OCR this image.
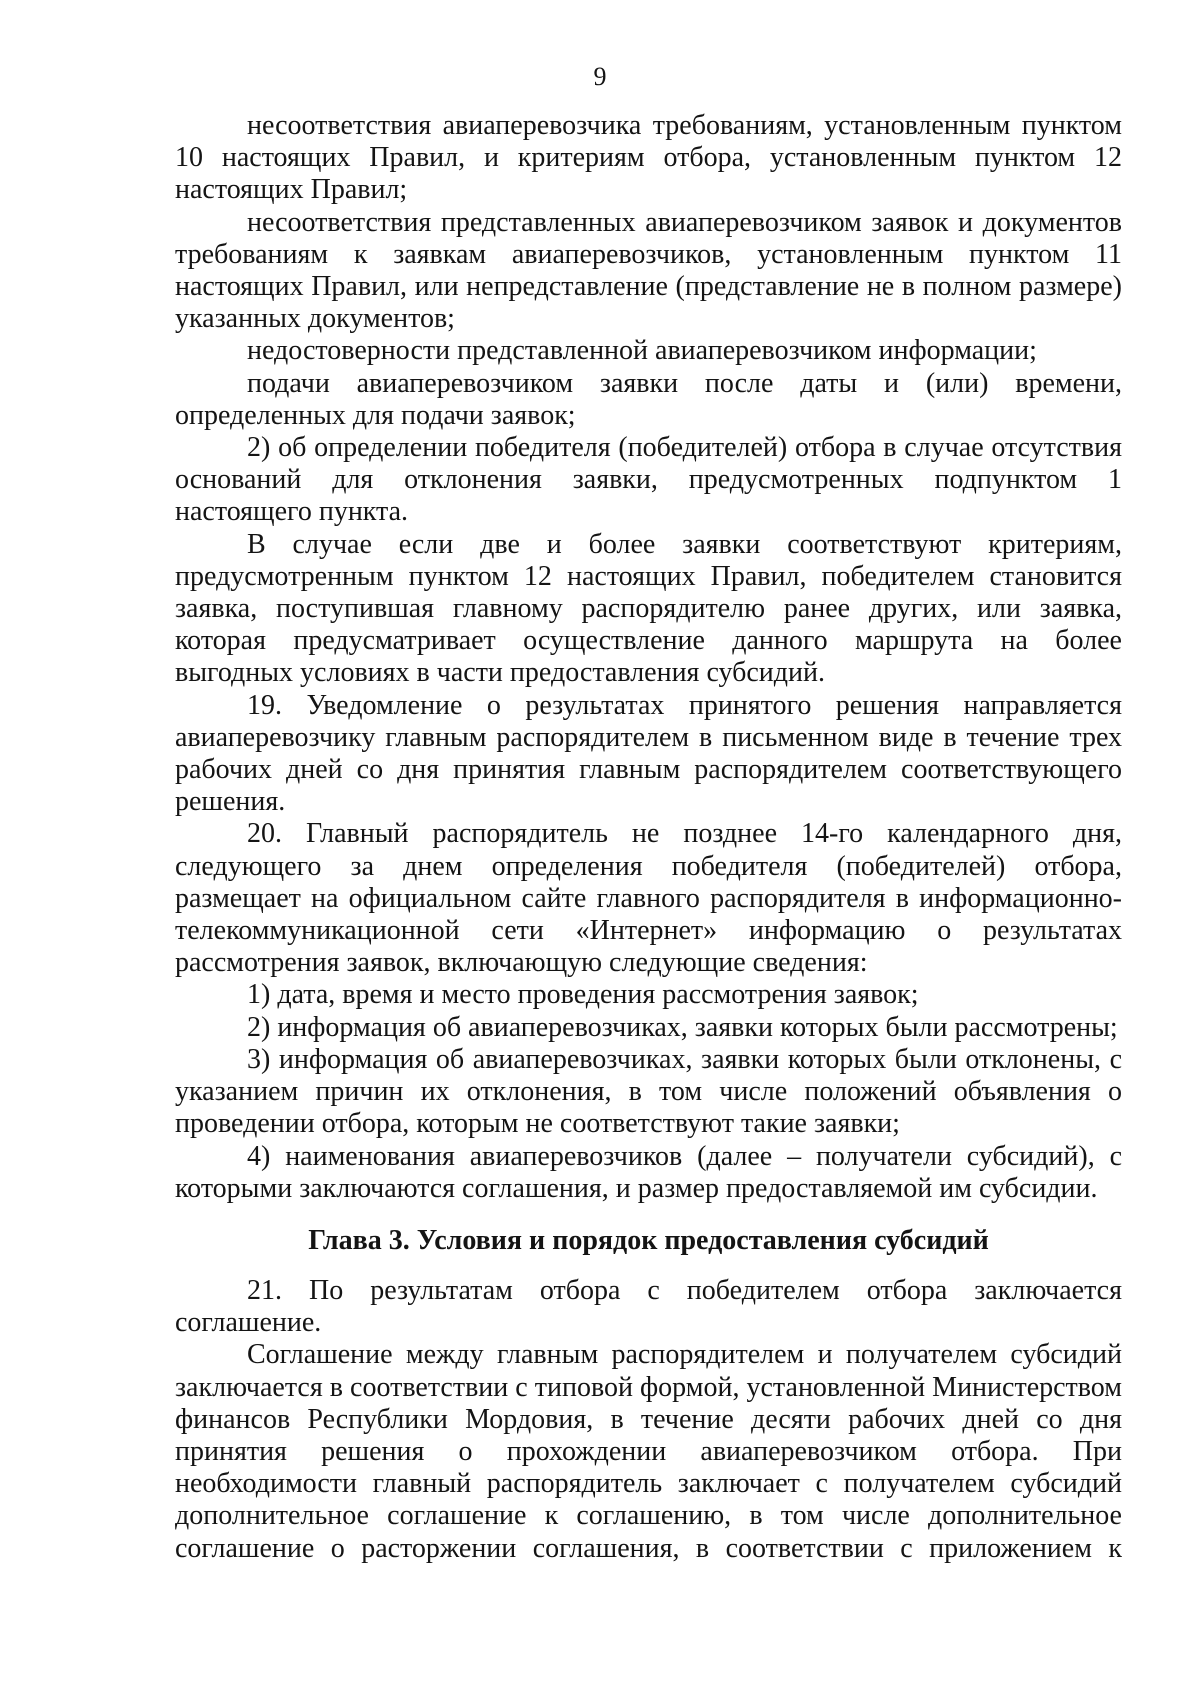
9

несоответствия авиаперевозчика требованиям, установленным пунктом 10 настоящих Правил, и критериям отбора, установленным пунктом 12 настоящих Правил;

несоответствия представленных авиаперевозчиком заявок и документов требованиям к заявкам авиаперевозчиков, установленным пунктом 11 настоящих Правил, или непредставление (представление не в полном размере) указанных документов;

недостоверности представленной авиаперевозчиком информации;

подачи авиаперевозчиком заявки после даты и (или) времени, определенных для подачи заявок;

2) об определении победителя (победителей) отбора в случае отсутствия оснований для отклонения заявки, предусмотренных подпунктом 1 настоящего пункта.

В случае если две и более заявки соответствуют критериям, предусмотренным пунктом 12 настоящих Правил, победителем становится заявка, поступившая главному распорядителю ранее других, или заявка, которая предусматривает осуществление данного маршрута на более выгодных условиях в части предоставления субсидий.

19. Уведомление о результатах принятого решения направляется авиаперевозчику главным распорядителем в письменном виде в течение трех рабочих дней со дня принятия главным распорядителем соответствующего решения.

20. Главный распорядитель не позднее 14-го календарного дня, следующего за днем определения победителя (победителей) отбора, размещает на официальном сайте главного распорядителя в информационно-телекоммуникационной сети «Интернет» информацию о результатах рассмотрения заявок, включающую следующие сведения:

1) дата, время и место проведения рассмотрения заявок;

2) информация об авиаперевозчиках, заявки которых были рассмотрены;

3) информация об авиаперевозчиках, заявки которых были отклонены, с указанием причин их отклонения, в том числе положений объявления о проведении отбора, которым не соответствуют такие заявки;

4) наименования авиаперевозчиков (далее – получатели субсидий), с которыми заключаются соглашения, и размер предоставляемой им субсидии.

Глава 3. Условия и порядок предоставления субсидий

21. По результатам отбора с победителем отбора заключается соглашение.

Соглашение между главным распорядителем и получателем субсидий заключается в соответствии с типовой формой, установленной Министерством финансов Республики Мордовия, в течение десяти рабочих дней со дня принятия решения о прохождении авиаперевозчиком отбора. При необходимости главный распорядитель заключает с получателем субсидий дополнительное соглашение к соглашению, в том числе дополнительное соглашение о расторжении соглашения, в соответствии с приложением к
